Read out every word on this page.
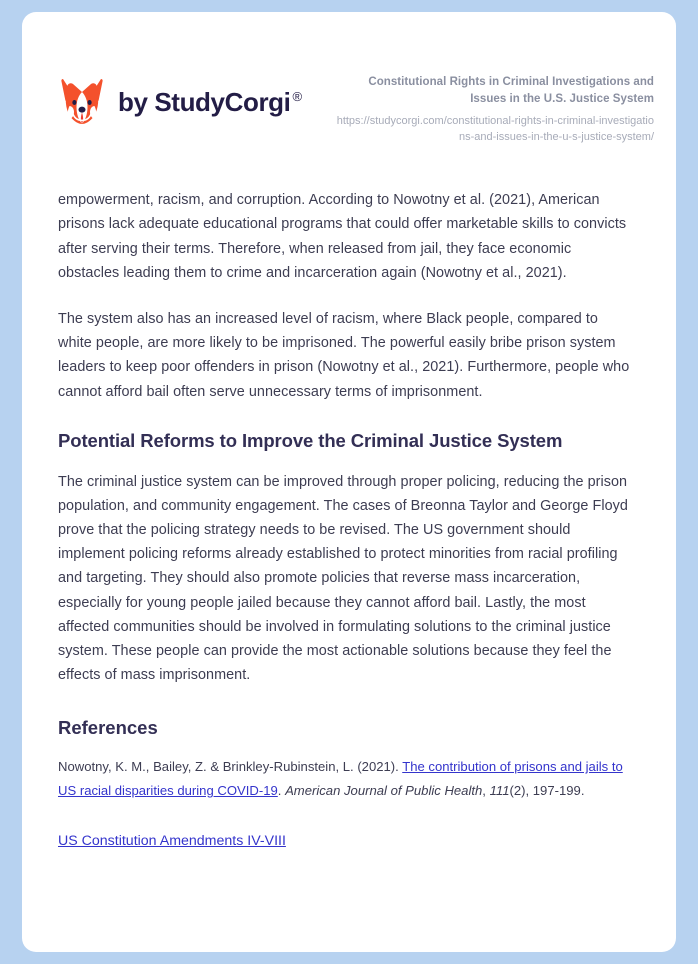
by StudyCorgi ®
Constitutional Rights in Criminal Investigations and Issues in the U.S. Justice System
https://studycorgi.com/constitutional-rights-in-criminal-investigations-and-issues-in-the-u-s-justice-system/

empowerment, racism, and corruption. According to Nowotny et al. (2021), American prisons lack adequate educational programs that could offer marketable skills to convicts after serving their terms. Therefore, when released from jail, they face economic obstacles leading them to crime and incarceration again (Nowotny et al., 2021).

The system also has an increased level of racism, where Black people, compared to white people, are more likely to be imprisoned. The powerful easily bribe prison system leaders to keep poor offenders in prison (Nowotny et al., 2021). Furthermore, people who cannot afford bail often serve unnecessary terms of imprisonment.

Potential Reforms to Improve the Criminal Justice System

The criminal justice system can be improved through proper policing, reducing the prison population, and community engagement. The cases of Breonna Taylor and George Floyd prove that the policing strategy needs to be revised. The US government should implement policing reforms already established to protect minorities from racial profiling and targeting. They should also promote policies that reverse mass incarceration, especially for young people jailed because they cannot afford bail. Lastly, the most affected communities should be involved in formulating solutions to the criminal justice system. These people can provide the most actionable solutions because they feel the effects of mass imprisonment.

References

Nowotny, K. M., Bailey, Z. & Brinkley-Rubinstein, L. (2021). The contribution of prisons and jails to US racial disparities during COVID-19. American Journal of Public Health, 111(2), 197-199.

US Constitution Amendments IV-VIII
